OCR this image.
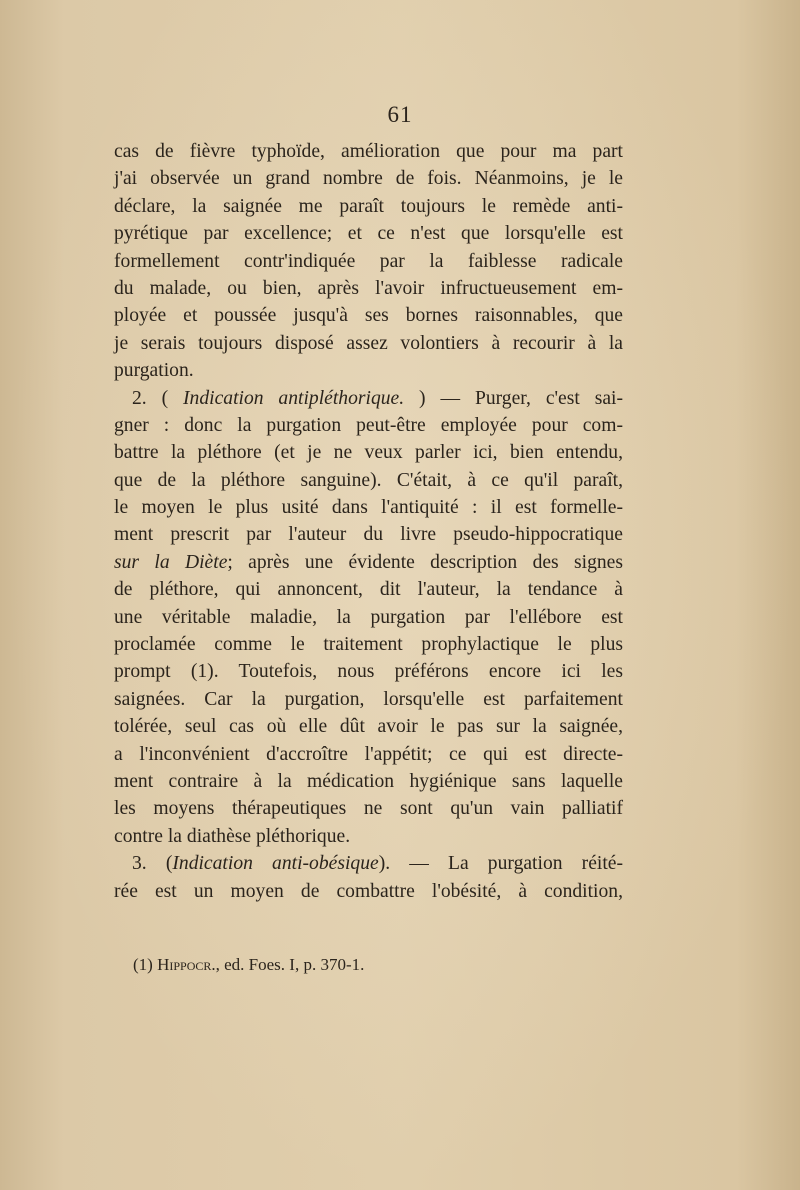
61
cas de fièvre typhoïde, amélioration que pour ma part
j'ai observée un grand nombre de fois. Néanmoins, je le
déclare, la saignée me paraît toujours le remède anti-
pyrétique par excellence; et ce n'est que lorsqu'elle est
formellement contr'indiquée par la faiblesse radicale
du malade, ou bien, après l'avoir infructueusement em-
ployée et poussée jusqu'à ses bornes raisonnables, que
je serais toujours disposé assez volontiers à recourir à la
purgation.
2. ( Indication antipléthorique. ) — Purger, c'est sai-
gner : donc la purgation peut-être employée pour com-
battre la pléthore (et je ne veux parler ici, bien entendu,
que de la pléthore sanguine). C'était, à ce qu'il paraît,
le moyen le plus usité dans l'antiquité : il est formelle-
ment prescrit par l'auteur du livre pseudo-hippocratique
sur la Diète; après une évidente description des signes
de pléthore, qui annoncent, dit l'auteur, la tendance à
une véritable maladie, la purgation par l'ellébore est
proclamée comme le traitement prophylactique le plus
prompt (1). Toutefois, nous préférons encore ici les
saignées. Car la purgation, lorsqu'elle est parfaitement
tolérée, seul cas où elle dût avoir le pas sur la saignée,
a l'inconvénient d'accroître l'appétit; ce qui est directe-
ment contraire à la médication hygiénique sans laquelle
les moyens thérapeutiques ne sont qu'un vain palliatif
contre la diathèse pléthorique.
3. (Indication anti-obésique). — La purgation réité-
rée est un moyen de combattre l'obésité, à condition,
(1) Hippocr., ed. Foes. I, p. 370-1.
